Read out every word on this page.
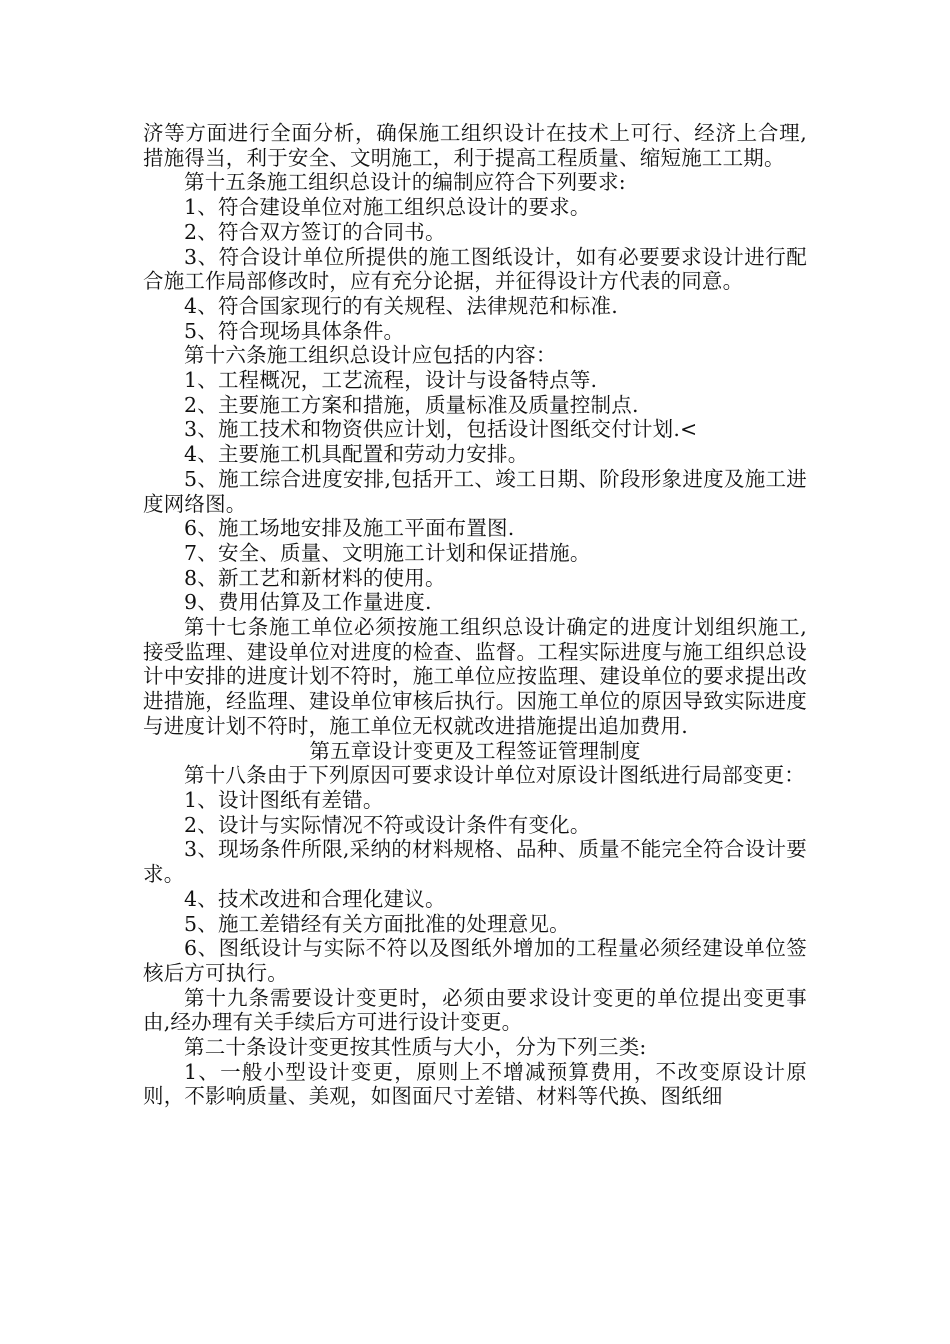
济等方面进行全面分析，确保施工组织设计在技术上可行、经济上合理,措施得当，利于安全、文明施工，利于提高工程质量、缩短施工工期。

第十五条施工组织总设计的编制应符合下列要求:

1、符合建设单位对施工组织总设计的要求。

2、符合双方签订的合同书。

3、符合设计单位所提供的施工图纸设计，如有必要要求设计进行配合施工作局部修改时，应有充分论据，并征得设计方代表的同意。

4、符合国家现行的有关规程、法律规范和标准.

5、符合现场具体条件。

第十六条施工组织总设计应包括的内容：

1、工程概况，工艺流程，设计与设备特点等.

2、主要施工方案和措施，质量标准及质量控制点.

3、施工技术和物资供应计划，包括设计图纸交付计划.<

4、主要施工机具配置和劳动力安排。

5、施工综合进度安排,包括开工、竣工日期、阶段形象进度及施工进度网络图。

6、施工场地安排及施工平面布置图.

7、安全、质量、文明施工计划和保证措施。

8、新工艺和新材料的使用。

9、费用估算及工作量进度.

第十七条施工单位必须按施工组织总设计确定的进度计划组织施工,接受监理、建设单位对进度的检查、监督。工程实际进度与施工组织总设计中安排的进度计划不符时，施工单位应按监理、建设单位的要求提出改进措施，经监理、建设单位审核后执行。因施工单位的原因导致实际进度与进度计划不符时，施工单位无权就改进措施提出追加费用.

第五章设计变更及工程签证管理制度

第十八条由于下列原因可要求设计单位对原设计图纸进行局部变更：

1、设计图纸有差错。

2、设计与实际情况不符或设计条件有变化。

3、现场条件所限,采纳的材料规格、品种、质量不能完全符合设计要求。

4、技术改进和合理化建议。

5、施工差错经有关方面批准的处理意见。

6、图纸设计与实际不符以及图纸外增加的工程量必须经建设单位签核后方可执行。

第十九条需要设计变更时，必须由要求设计变更的单位提出变更事由,经办理有关手续后方可进行设计变更。

第二十条设计变更按其性质与大小，分为下列三类:

1、一般小型设计变更，原则上不增减预算费用，不改变原设计原则，不影响质量、美观，如图面尺寸差错、材料等代换、图纸细
